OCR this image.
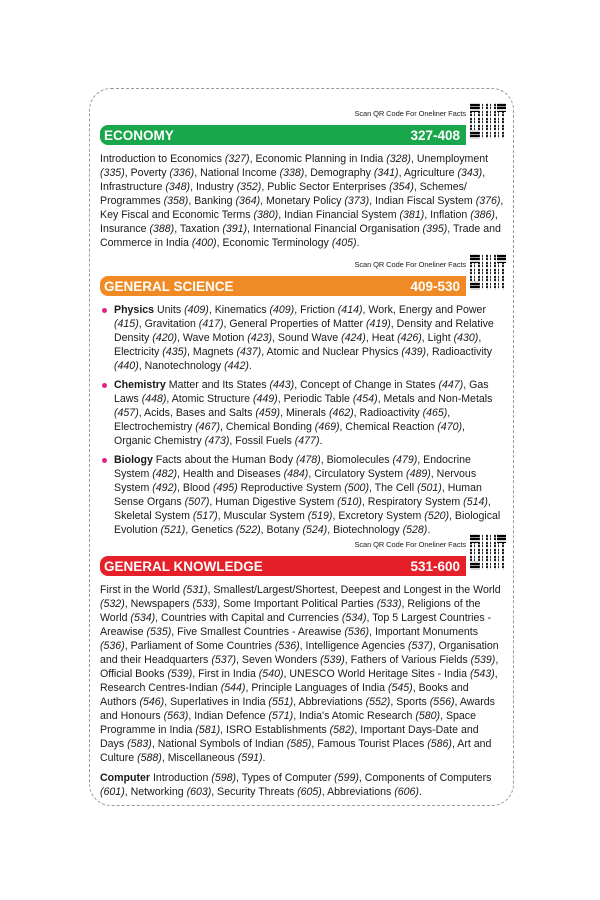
Scan QR Code For Oneliner Facts
ECONOMY	327-408
Introduction to Economics (327), Economic Planning in India (328), Unemployment (335), Poverty (336), National Income (338), Demography (341), Agriculture (343), Infrastructure (348), Industry (352), Public Sector Enterprises (354), Schemes/ Programmes (358), Banking (364), Monetary Policy (373), Indian Fiscal System (376), Key Fiscal and Economic Terms (380), Indian Financial System (381), Inflation (386), Insurance (388), Taxation (391), International Financial Organisation (395), Trade and Commerce in India (400), Economic Terminology (405).
Scan QR Code For Oneliner Facts
GENERAL SCIENCE	409-530
Physics Units (409), Kinematics (409), Friction (414), Work, Energy and Power (415), Gravitation (417), General Properties of Matter (419), Density and Relative Density (420), Wave Motion (423), Sound Wave (424), Heat (426), Light (430), Electricity (435), Magnets (437), Atomic and Nuclear Physics (439), Radioactivity (440), Nanotechnology (442).
Chemistry Matter and Its States (443), Concept of Change in States (447), Gas Laws (448), Atomic Structure (449), Periodic Table (454), Metals and Non-Metals (457), Acids, Bases and Salts (459), Minerals (462), Radioactivity (465), Electrochemistry (467), Chemical Bonding (469), Chemical Reaction (470), Organic Chemistry (473), Fossil Fuels (477).
Biology Facts about the Human Body (478), Biomolecules (479), Endocrine System (482), Health and Diseases (484), Circulatory System (489), Nervous System (492), Blood (495) Reproductive System (500), The Cell (501), Human Sense Organs (507), Human Digestive System (510), Respiratory System (514), Skeletal System (517), Muscular System (519), Excretory System (520), Biological Evolution (521), Genetics (522), Botany (524), Biotechnology (528).
Scan QR Code For Oneliner Facts
GENERAL KNOWLEDGE	531-600
First in the World (531), Smallest/Largest/Shortest, Deepest and Longest in the World (532), Newspapers (533), Some Important Political Parties (533), Religions of the World (534), Countries with Capital and Currencies (534), Top 5 Largest Countries - Areawise (535), Five Smallest Countries - Areawise (536), Important Monuments (536), Parliament of Some Countries (536), Intelligence Agencies (537), Organisation and their Headquarters (537), Seven Wonders (539), Fathers of Various Fields (539), Official Books (539), First in India (540), UNESCO World Heritage Sites - India (543), Research Centres-Indian (544), Principle Languages of India (545), Books and Authors (546), Superlatives in India (551), Abbreviations (552), Sports (556), Awards and Honours (563), Indian Defence (571), India's Atomic Research (580), Space Programme in India (581), ISRO Establishments (582), Important Days-Date and Days (583), National Symbols of Indian (585), Famous Tourist Places (586), Art and Culture (588), Miscellaneous (591).
Computer Introduction (598), Types of Computer (599), Components of Computers (601), Networking (603), Security Threats (605), Abbreviations (606).
